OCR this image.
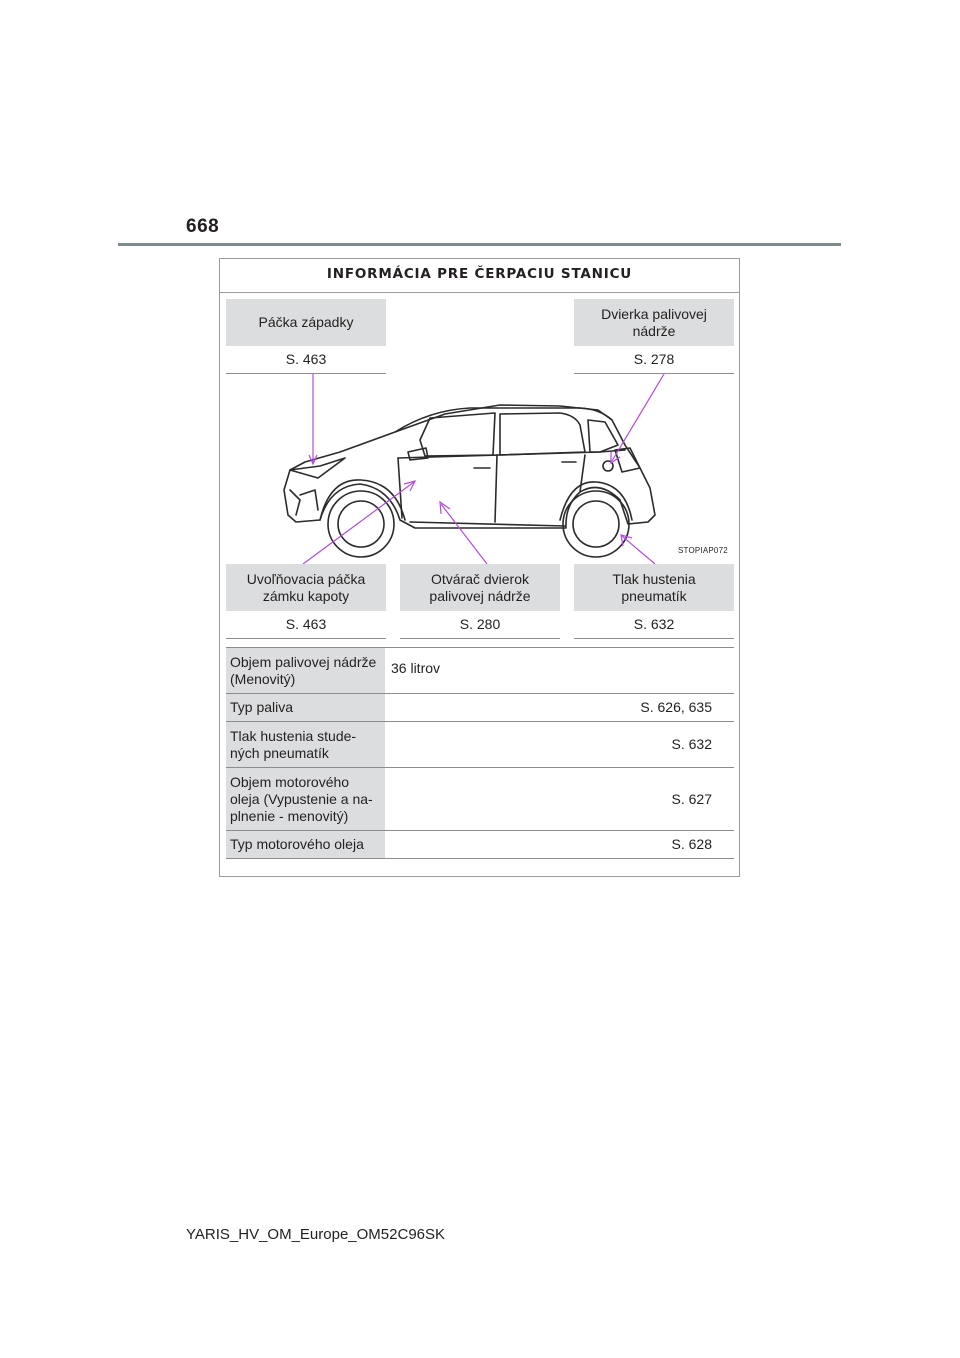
668
INFORMÁCIA PRE ČERPACIU STANICU
Páčka západky
S. 463
Dvierka palivovej nádrže
S. 278
STOPIAP072
Uvoľňovacia páčka zámku kapoty
S. 463
Otvárač dvierok palivovej nádrže
S. 280
Tlak hustenia pneumatík
S. 632
Objem palivovej nádrže (Menovitý)	36 litrov
Typ paliva	S. 626, 635
Tlak hustenia stude-ných pneumatík	S. 632
Objem motorového oleja (Vypustenie a na-plnenie - menovitý)	S. 627
Typ motorového oleja	S. 628
YARIS_HV_OM_Europe_OM52C96SK
